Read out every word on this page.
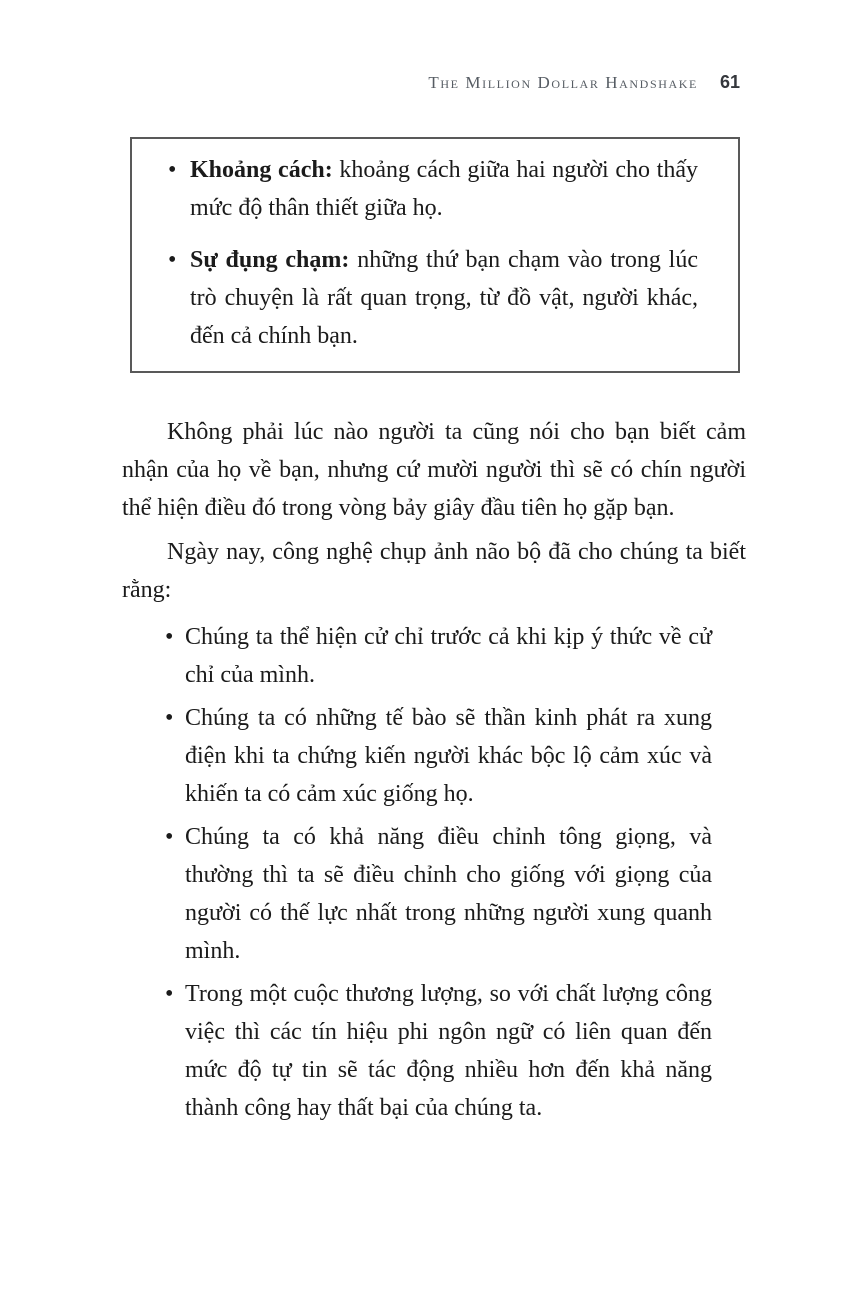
The Million Dollar Handshake 61
• Khoảng cách: khoảng cách giữa hai người cho thấy mức độ thân thiết giữa họ.
• Sự đụng chạm: những thứ bạn chạm vào trong lúc trò chuyện là rất quan trọng, từ đồ vật, người khác, đến cả chính bạn.

Không phải lúc nào người ta cũng nói cho bạn biết cảm nhận của họ về bạn, nhưng cứ mười người thì sẽ có chín người thể hiện điều đó trong vòng bảy giây đầu tiên họ gặp bạn.

Ngày nay, công nghệ chụp ảnh não bộ đã cho chúng ta biết rằng:

• Chúng ta thể hiện cử chỉ trước cả khi kịp ý thức về cử chỉ của mình.
• Chúng ta có những tế bào sẽ thần kinh phát ra xung điện khi ta chứng kiến người khác bộc lộ cảm xúc và khiến ta có cảm xúc giống họ.
• Chúng ta có khả năng điều chỉnh tông giọng, và thường thì ta sẽ điều chỉnh cho giống với giọng của người có thế lực nhất trong những người xung quanh mình.
• Trong một cuộc thương lượng, so với chất lượng công việc thì các tín hiệu phi ngôn ngữ có liên quan đến mức độ tự tin sẽ tác động nhiều hơn đến khả năng thành công hay thất bại của chúng ta.
